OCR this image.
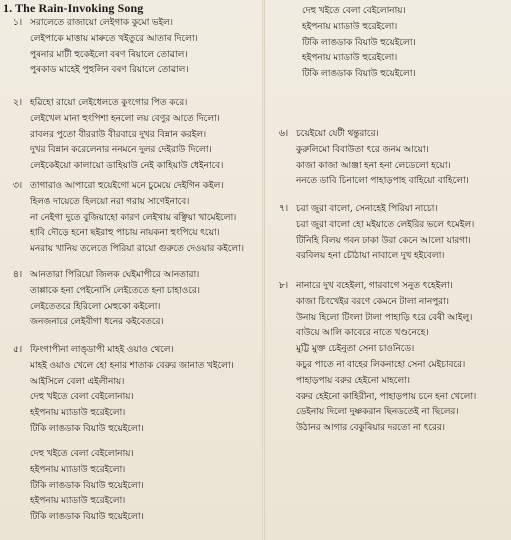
1. The Rain-Invoking Song
১। সরালেতে রাজায়ো লেইগাক কুমো ভইল।
লেইপাকে মাত্তায় মাৰুতে খইতুরে আতাৰ দিলো।
পুৰনার মাটী হুকেইলো বৰণ ৰিয়ালে তোৱাল।
পুৰকাড মাহেই পুহুলিন বৰণ রিয়ালে তোৱাল।
২। হৱিহো রায়ো লেইধেলতে কুংগোর পিত করে।
লেইখেল মানা হুংপিশা হনলো লয় বেণুর আতে দিলো।
রাবলর পুতো বীররাউ বীরবারে দুখর বিন্নান করইল।
দুখর বিন্নান করেলেনার ননমনে দুলর দেইরাউ দিলো।
লেইকেইয়ো কালায়ো ডাহিয়াউ নেই কাহিয়াউ ধেইনাবে।
৩। তাগারাও আপারো হুয়েইগো মনে চুমেয়ে দেইগিন কইল।
হিলঙ দায়েতে হিলয়ো নরা গরায় সাণেইনাবে।
না নেইগা দুতে বুজিয়াহো কারণ লেইখায় ৰঞ্ছিয়া খামেইলো।
হাবি দৌড়ে হনো ছইরাহু পাচায় নায়কনা হুংপিয়ে ৎয়ো।
মনরায় খানিয় তলেতে পিরিয়া রায়ো গুরুতে দেওয়ার কইলো।
৪। আনতারা পিরিয়ো জিলক ঘেইমাপীরে আনতারা।
তাপ্পাকে হনা পেইনোসি লেইতেতে হনা চাহাওরে।
লেইতেতরে হিরিলো মেহুকো কইলো।
জনজনারে লেইবীগা ধনের কইবেতরে।
৫। ফিংগাপীনা লাঙ্ডাপী মাহই ওয়াও থেলে।
মাহই ওয়াও খেলে হো হনার শাতাক বেরুর জানাত খইলো।
আইসিলে বেলা এইলীনায়।
দেহু খইতে বেলা বেইলোনায়।
হইপনায় ম্যাডাউ হুরেইলো।
টিকি লাঙডাক বিয়াউ হুয়েইলো।
দেহু খইতে বেলা বেইলোনায়।
হইপনায় ম্যাডাউ হুরেইলো।
টিকি লাঙডাক বিয়াউ হুয়েইলো।
হইপনায় ম্যাডাউ হুরেইলো।
টিকি লাঙডাক বিয়াউ হুয়েইলো।
দেহু খইতে বেলা বেইলোনায়।
হইপনায় ম্যাডাউ হুরেইলো।
টিকি লাঙডাক বিয়াউ হুয়েইলো।
হইপনায় ম্যাডাউ হুরেইলো।
টিকি লাঙডাক বিয়াউ হুয়েইলো।
৬। চয়েইয়ো যেটী থন্তুরারে।
কুরুলিমো বিবাউতা ৎরে জনম আয়ো।
কাজা কাজা আঞ্জা হনা হনা লেডেলো হয়ো।
ননতে ডাবি চিনালো পাহাড়পাহ বাহিয়ো বাহিলো।
৭। চরা জুরা বালো, সেনাহেই পিরিয়া নাচো।
চরা জুরা বালো হো মইয়াতে লেইরির ভলে ৎমেইল।
টিনিহি বিলয় গবন ঢাকা উরা কেনে আলো যারগা।
বরবিলয় হনা চৌঠায়া নাবালে দুখ হইবেলা।
৮। নানারে দুখ বহেইলা, গারবাগে সনুত ৎহেইলা।
কাজা চিংখেইর বরণে কেমনে টালা নানপুরা।
উনায় হিলো টিংলা টালা পাহাড়ি ৎরে বেৰী আইলু।
বাউয়ে আলি কাবেরে নাতে খণ্ডনেহে।
মুট্টি মুক্ত চেইনুতা সেনা চাওনিডে।
কচুর পাতে না বাহের লিকনাহো সেনা মেইচাবরে।
পাহাড়পায় বরুর হেইনো মাহলো।
বরুর হেইনো কাহিরীনা, পাহাড়পায় চনে হনা খেলো।
ডেইনায় দিলো দুষ্ণকরান ছিনডতেই না ছিলের।
উঠানর আগার বেকুৰিয়ার দরতো না ৎরের।
